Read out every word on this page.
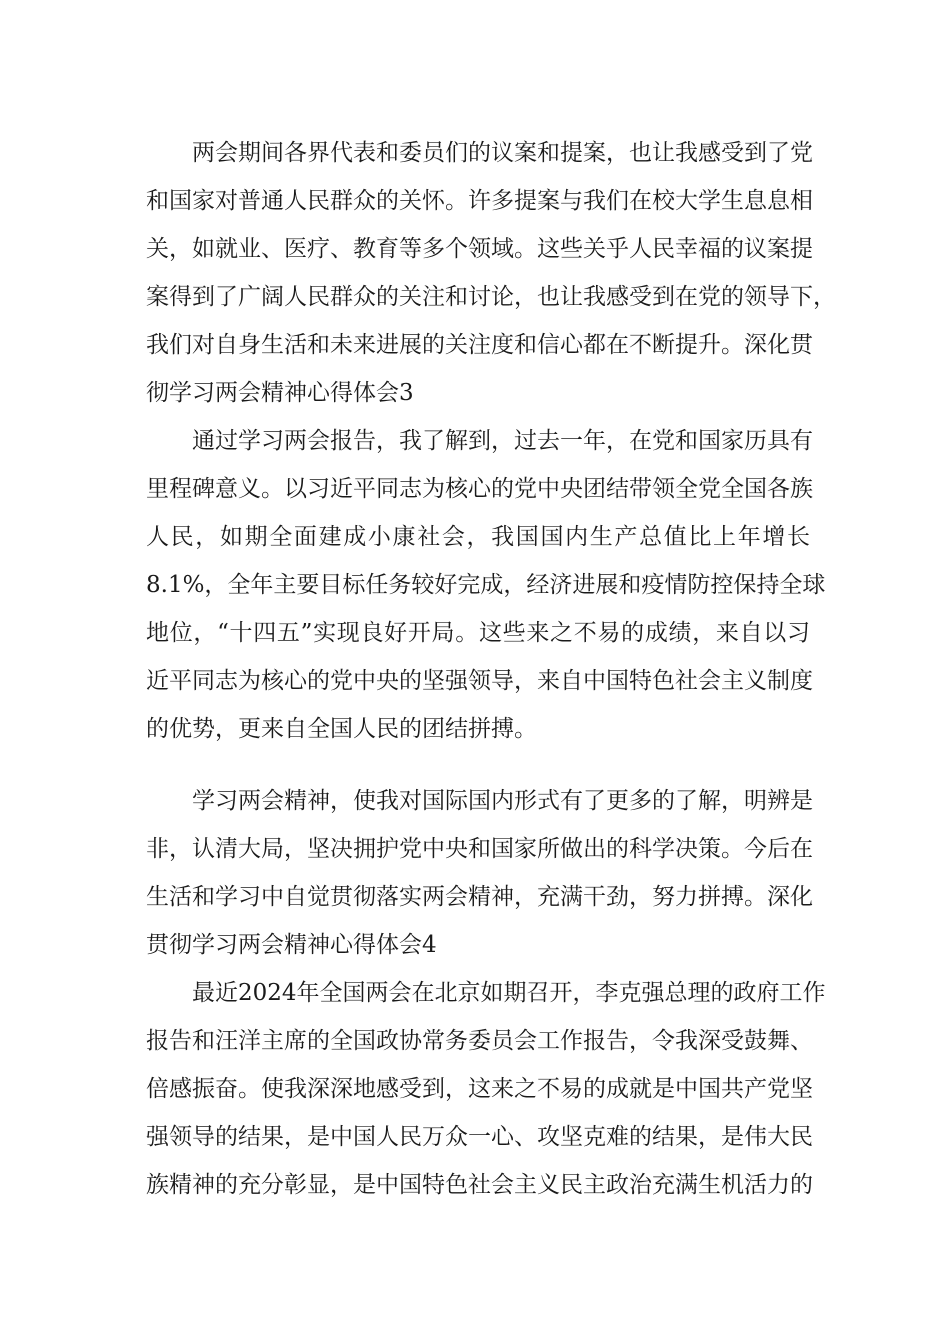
两会期间各界代表和委员们的议案和提案，也让我感受到了党
和国家对普通人民群众的关怀。许多提案与我们在校大学生息息相
关，如就业、医疗、教育等多个领域。这些关乎人民幸福的议案提
案得到了广阔人民群众的关注和讨论，也让我感受到在党的领导下，
我们对自身生活和未来进展的关注度和信心都在不断提升。深化贯
彻学习两会精神心得体会3
通过学习两会报告，我了解到，过去一年，在党和国家历具有
里程碑意义。以习近平同志为核心的党中央团结带领全党全国各族
人民，如期全面建成小康社会，我国国内生产总值比上年增长
8.1%，全年主要目标任务较好完成，经济进展和疫情防控保持全球
地位，“十四五”实现良好开局。这些来之不易的成绩，来自以习
近平同志为核心的党中央的坚强领导，来自中国特色社会主义制度
的优势，更来自全国人民的团结拼搏。
学习两会精神，使我对国际国内形式有了更多的了解，明辨是
非，认清大局，坚决拥护党中央和国家所做出的科学决策。今后在
生活和学习中自觉贯彻落实两会精神，充满干劲，努力拼搏。深化
贯彻学习两会精神心得体会4
最近2024年全国两会在北京如期召开，李克强总理的政府工作
报告和汪洋主席的全国政协常务委员会工作报告，令我深受鼓舞、
倍感振奋。使我深深地感受到，这来之不易的成就是中国共产党坚
强领导的结果，是中国人民万众一心、攻坚克难的结果，是伟大民
族精神的充分彰显，是中国特色社会主义民主政治充满生机活力的
